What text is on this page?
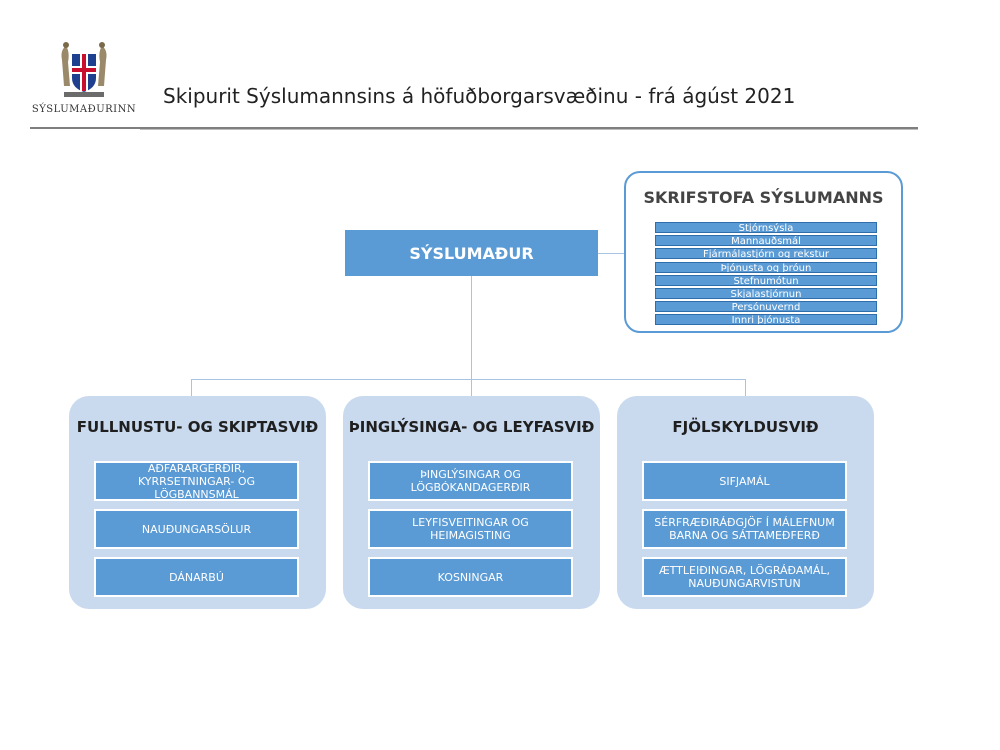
SÝSLUMAÐURINN
Skipurit Sýslumannsins á höfuðborgarsvæðinu - frá ágúst 2021
SÝSLUMAÐUR
SKRIFSTOFA SÝSLUMANNS
Stjórnsýsla
Mannauðsmál
Fjármálastjórn og rekstur
Þjónusta og þróun
Stefnumótun
Skjalastjórnun
Persónuvernd
Innri þjónusta
FULLNUSTU- OG SKIPTASVIÐ
AÐFARARGERÐIR, KYRRSETNINGAR- OG LÖGBANNSMÁL
NAUÐUNGARSÖLUR
DÁNARBÚ
ÞINGLÝSINGA- OG LEYFASVIÐ
ÞINGLÝSINGAR OG LÖGBÓKANDAGERÐIR
LEYFISVEITINGAR OG HEIMAGISTING
KOSNINGAR
FJÖLSKYLDUSVIÐ
SIFJAMÁL
SÉRFRÆÐIRÁÐGJÖF Í MÁLEFNUM BARNA OG SÁTTAMEÐFERÐ
ÆTTLEIÐINGAR, LÖGRÁÐAMÁL, NAUÐUNGARVISTUN
